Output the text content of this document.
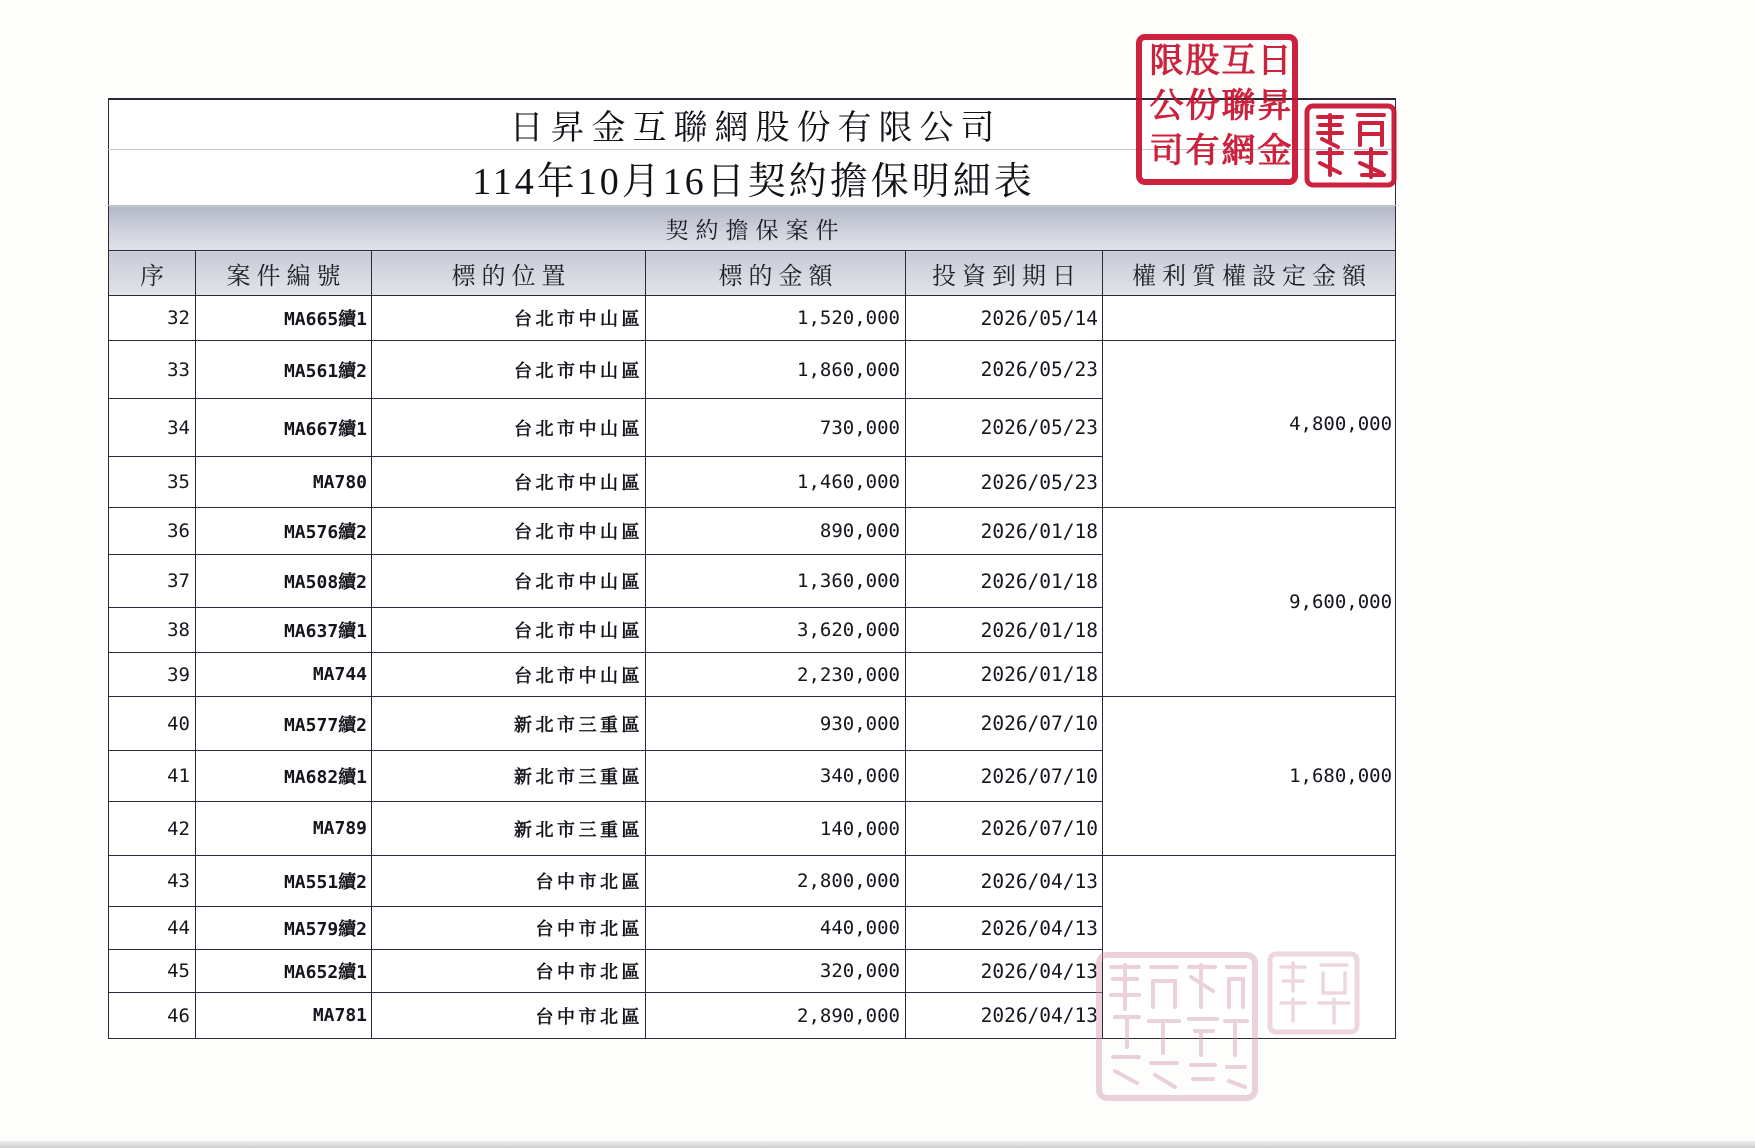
日昇金互聯網股份有限公司					
114年10月16日契約擔保明細表					
契約擔保案件					
序	案件編號	標的位置	標的金額	投資到期日	權利質權設定金額
32	MA665續1	台北市中山區	1,520,000	2026/05/14	
33	MA561續2	台北市中山區	1,860,000	2026/05/23	4,800,000
34	MA667續1	台北市中山區	730,000	2026/05/23	
35	MA780	台北市中山區	1,460,000	2026/05/23	
36	MA576續2	台北市中山區	890,000	2026/01/18	9,600,000
37	MA508續2	台北市中山區	1,360,000	2026/01/18	
38	MA637續1	台北市中山區	3,620,000	2026/01/18	
39	MA744	台北市中山區	2,230,000	2026/01/18	
40	MA577續2	新北市三重區	930,000	2026/07/10	1,680,000
41	MA682續1	新北市三重區	340,000	2026/07/10	
42	MA789	新北市三重區	140,000	2026/07/10	
43	MA551續2	台中市北區	2,800,000	2026/04/13	
44	MA579續2	台中市北區	440,000	2026/04/13	
45	MA652續1	台中市北區	320,000	2026/04/13	
46	MA781	台中市北區	2,890,000	2026/04/13	
日昇金
互聯網
股份有
限公司
